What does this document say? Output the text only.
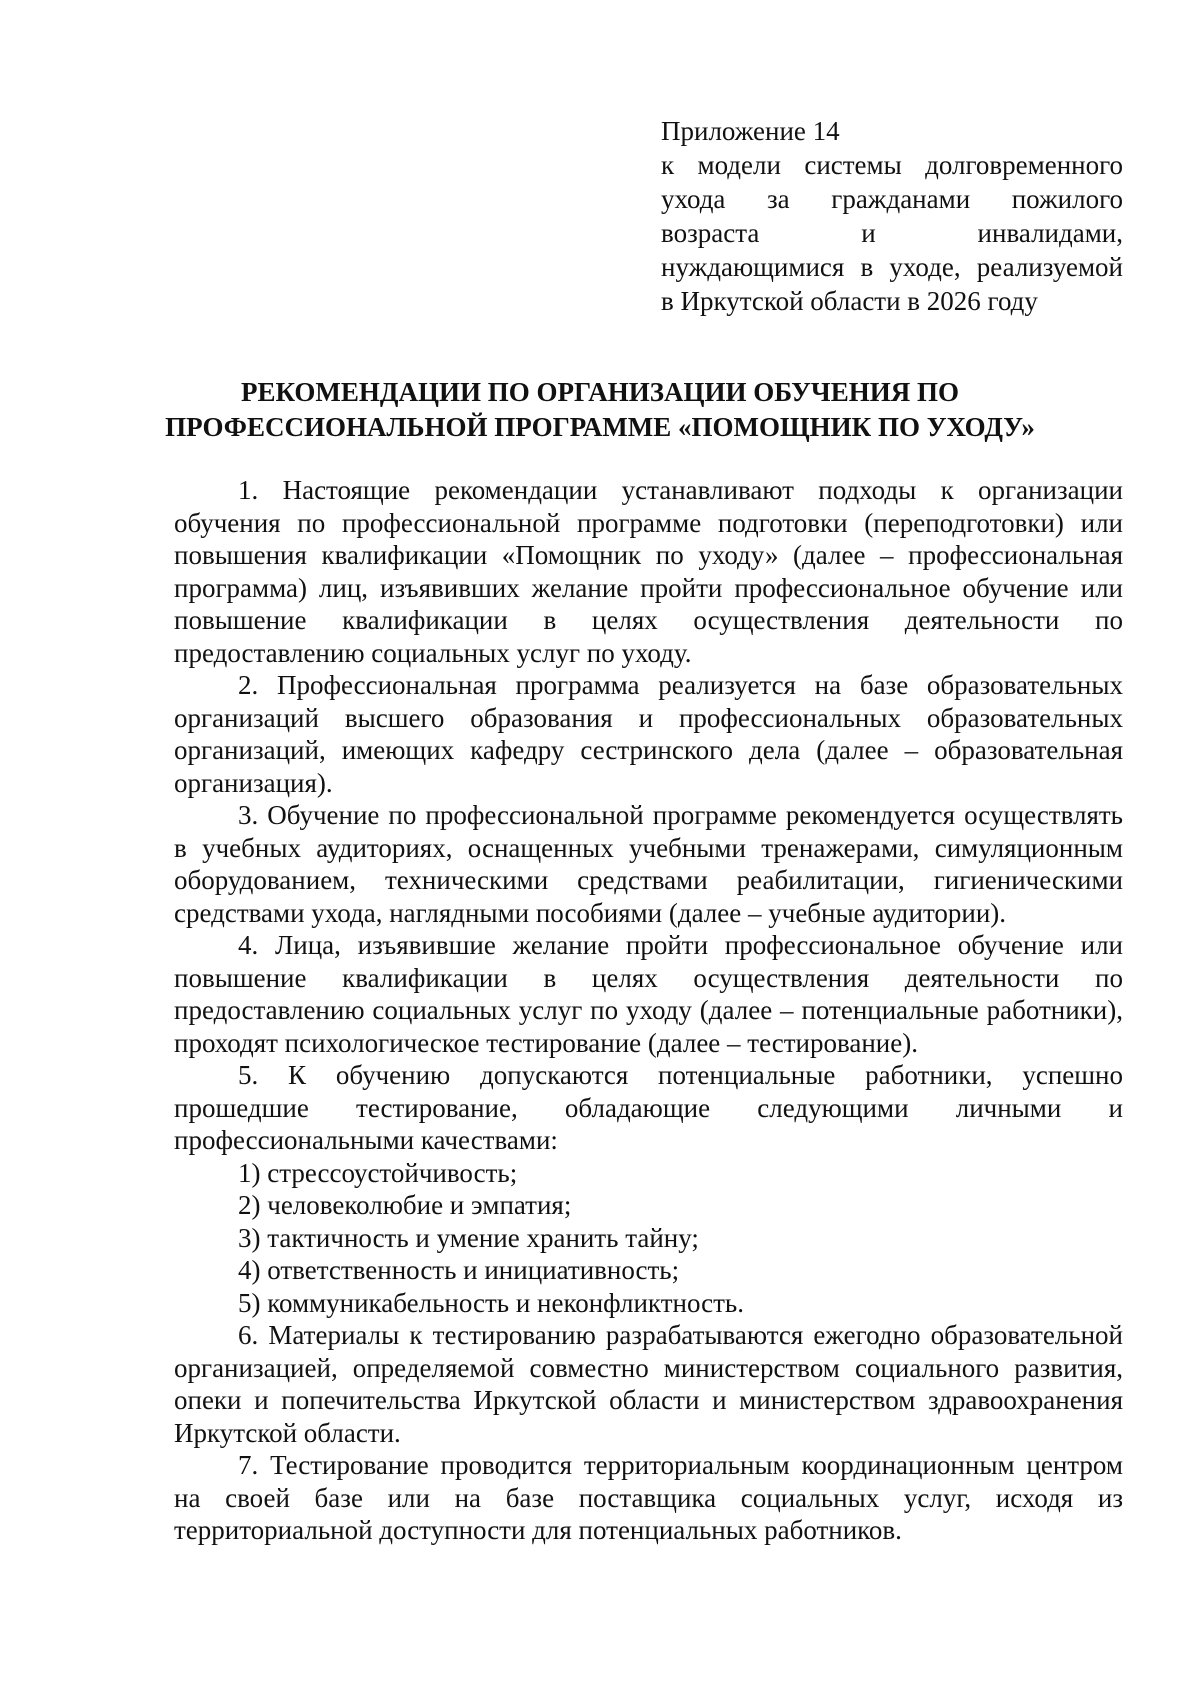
Приложение 14
к модели системы долговременного
ухода за гражданами пожилого
возраста и инвалидами,
нуждающимися в уходе, реализуемой
в Иркутской области в 2026 году
РЕКОМЕНДАЦИИ ПО ОРГАНИЗАЦИИ ОБУЧЕНИЯ ПО
ПРОФЕССИОНАЛЬНОЙ ПРОГРАММЕ «ПОМОЩНИК ПО УХОДУ»

1. Настоящие рекомендации устанавливают подходы к организации обучения по профессиональной программе подготовки (переподготовки) или повышения квалификации «Помощник по уходу» (далее – профессиональная программа) лиц, изъявивших желание пройти профессиональное обучение или повышение квалификации в целях осуществления деятельности по предоставлению социальных услуг по уходу.

2. Профессиональная программа реализуется на базе образовательных организаций высшего образования и профессиональных образовательных организаций, имеющих кафедру сестринского дела (далее – образовательная организация).

3. Обучение по профессиональной программе рекомендуется осуществлять в учебных аудиториях, оснащенных учебными тренажерами, симуляционным оборудованием, техническими средствами реабилитации, гигиеническими средствами ухода, наглядными пособиями (далее – учебные аудитории).

4. Лица, изъявившие желание пройти профессиональное обучение или повышение квалификации в целях осуществления деятельности по предоставлению социальных услуг по уходу (далее – потенциальные работники), проходят психологическое тестирование (далее – тестирование).

5. К обучению допускаются потенциальные работники, успешно прошедшие тестирование, обладающие следующими личными и профессиональными качествами:

1) стрессоустойчивость;

2) человеколюбие и эмпатия;

3) тактичность и умение хранить тайну;

4) ответственность и инициативность;

5) коммуникабельность и неконфликтность.

6. Материалы к тестированию разрабатываются ежегодно образовательной организацией, определяемой совместно министерством социального развития, опеки и попечительства Иркутской области и министерством здравоохранения Иркутской области.

7. Тестирование проводится территориальным координационным центром на своей базе или на базе поставщика социальных услуг, исходя из территориальной доступности для потенциальных работников.
